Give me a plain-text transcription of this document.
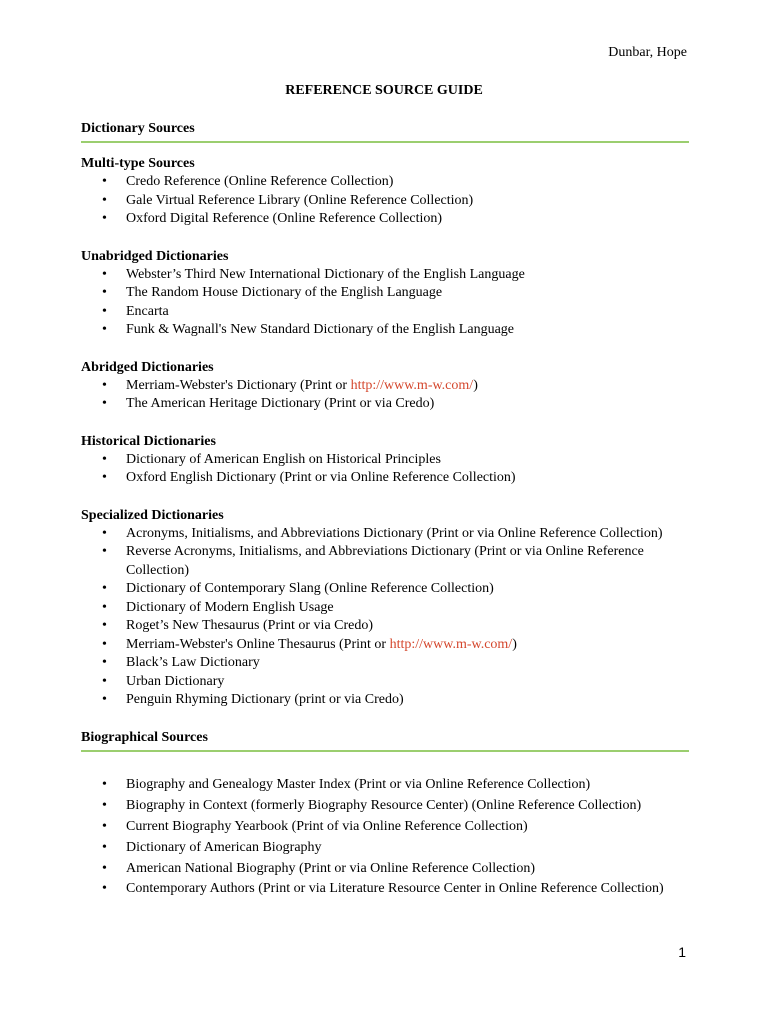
Dunbar, Hope
REFERENCE SOURCE GUIDE
Dictionary Sources
Multi-type Sources
• Credo Reference (Online Reference Collection)
• Gale Virtual Reference Library (Online Reference Collection)
• Oxford Digital Reference (Online Reference Collection)
Unabridged Dictionaries
• Webster’s Third New International Dictionary of the English Language
• The Random House Dictionary of the English Language
• Encarta
• Funk & Wagnall's New Standard Dictionary of the English Language
Abridged Dictionaries
• Merriam-Webster's Dictionary (Print or http://www.m-w.com/)
• The American Heritage Dictionary (Print or via Credo)
Historical Dictionaries
• Dictionary of American English on Historical Principles
• Oxford English Dictionary (Print or via Online Reference Collection)
Specialized Dictionaries
• Acronyms, Initialisms, and Abbreviations Dictionary (Print or via Online Reference Collection)
• Reverse Acronyms, Initialisms, and Abbreviations Dictionary (Print or via Online Reference Collection)
• Dictionary of Contemporary Slang (Online Reference Collection)
• Dictionary of Modern English Usage
• Roget’s New Thesaurus (Print or via Credo)
• Merriam-Webster's Online Thesaurus (Print or http://www.m-w.com/)
• Black’s Law Dictionary
• Urban Dictionary
• Penguin Rhyming Dictionary (print or via Credo)
Biographical Sources
• Biography and Genealogy Master Index (Print or via Online Reference Collection)
• Biography in Context (formerly Biography Resource Center) (Online Reference Collection)
• Current Biography Yearbook (Print of via Online Reference Collection)
• Dictionary of American Biography
• American National Biography (Print or via Online Reference Collection)
• Contemporary Authors (Print or via Literature Resource Center in Online Reference Collection)
1
